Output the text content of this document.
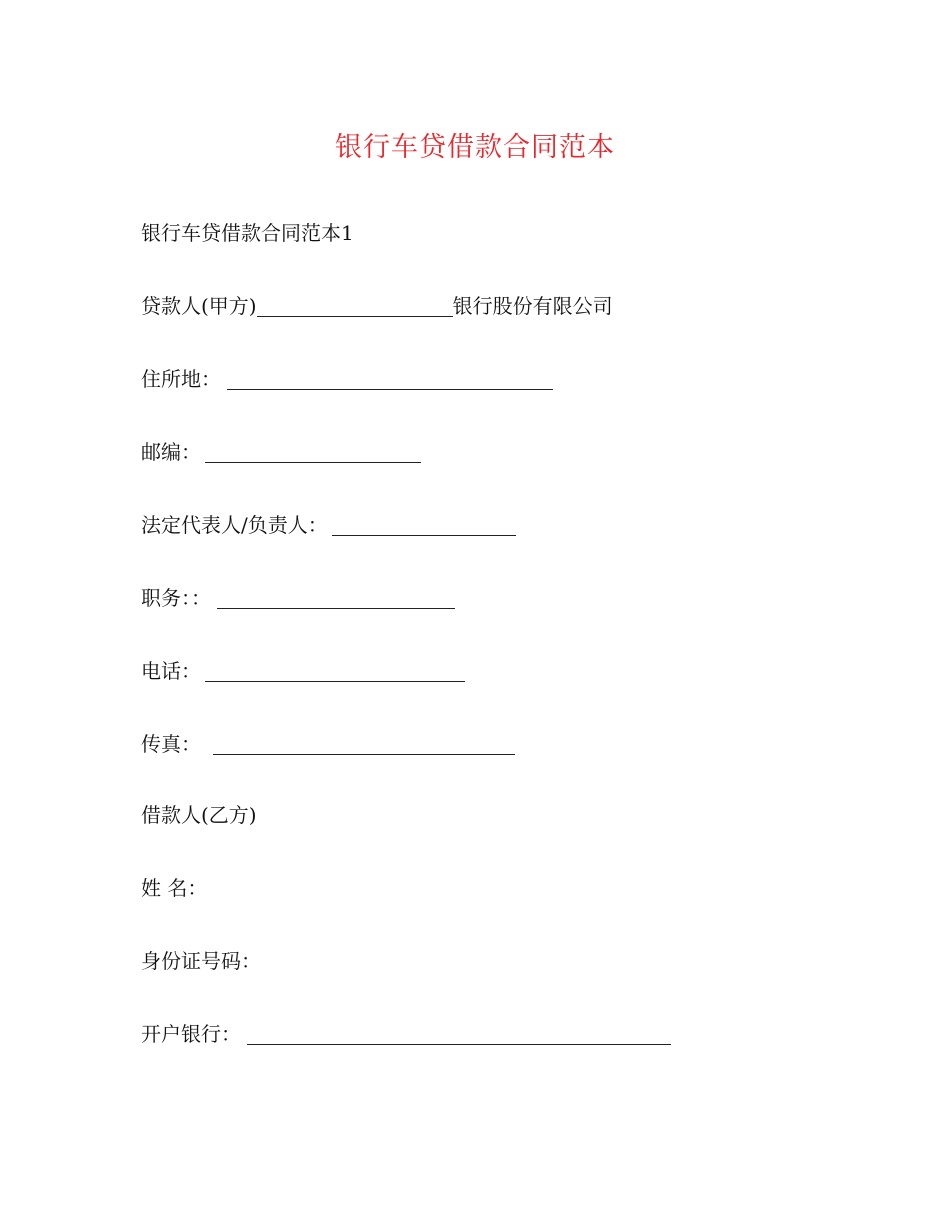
银行车贷借款合同范本
银行车贷借款合同范本1
贷款人(甲方)	银行股份有限公司
住所地：
邮编：
法定代表人/负责人：
职务：：
电话：
传真：
借款人(乙方)
姓 名：
身份证号码：
开户银行：
